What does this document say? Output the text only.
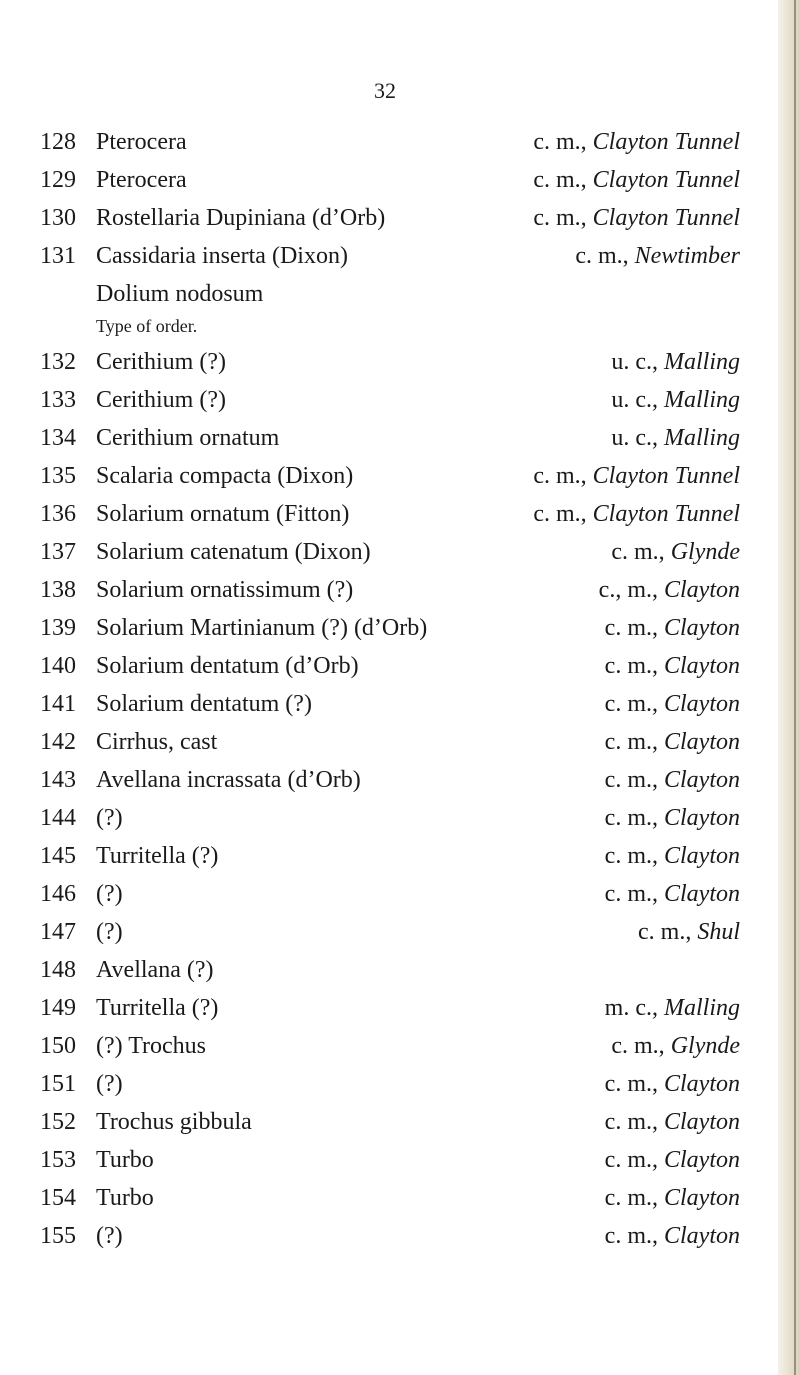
32
128 Pterocera	c. m., Clayton Tunnel
129 Pterocera	c. m., Clayton Tunnel
130 Rostellaria Dupiniana (d’Orb)	c. m., Clayton Tunnel
131 Cassidaria inserta (Dixon)	c. m., Newtimber
Dolium nodosum
132 Cerithium (?)	u. c., Malling
133 Cerithium (?)	u. c., Malling
134 Cerithium ornatum	u. c., Malling
135 Scalaria compacta (Dixon)	c. m., Clayton Tunnel
136 Solarium ornatum (Fitton)	c. m., Clayton Tunnel
137 Solarium catenatum (Dixon)	c. m., Glynde
138 Solarium ornatissimum (?)	c., m., Clayton
139 Solarium Martinianum (?) (d’Orb)	c. m., Clayton
140 Solarium dentatum (d’Orb)	c. m., Clayton
141 Solarium dentatum (?)	c. m., Clayton
142 Cirrhus, cast	c. m., Clayton
143 Avellana incrassata (d’Orb)	c. m., Clayton
144 (?)	c. m., Clayton
145 Turritella (?)	c. m., Clayton
146 (?)	c. m., Clayton
147 (?)	c. m., Shul
148 Avellana (?)
149 Turritella (?)	m. c., Malling
150 (?) Trochus	c. m., Glynde
151 (?)	c. m., Clayton
152 Trochus gibbula	c. m., Clayton
153 Turbo	c. m., Clayton
154 Turbo	c. m., Clayton
155 (?)	c. m., Clayton
Type of order.
